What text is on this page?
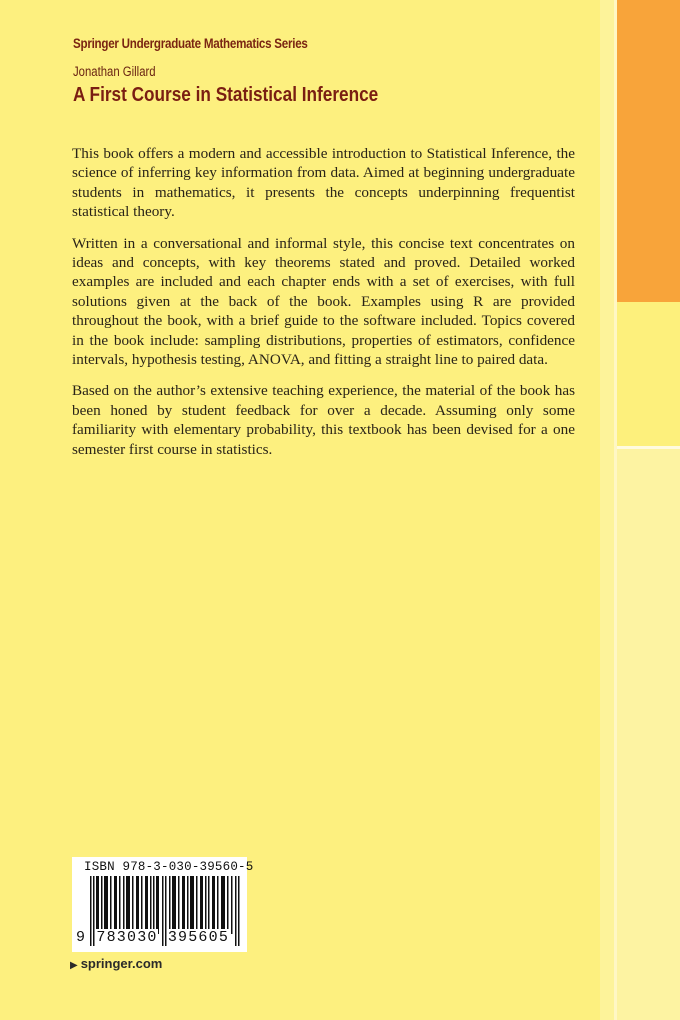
Springer Undergraduate Mathematics Series
Jonathan Gillard
A First Course in Statistical Inference

This book offers a modern and accessible introduction to Statistical Inference, the science of inferring key information from data. Aimed at beginning undergraduate students in mathematics, it presents the concepts underpinning frequentist statistical theory.

Written in a conversational and informal style, this concise text concentrates on ideas and concepts, with key theorems stated and proved. Detailed worked examples are included and each chapter ends with a set of exercises, with full solutions given at the back of the book. Examples using R are provided throughout the book, with a brief guide to the software included. Topics covered in the book include: sampling distributions, properties of estimators, confidence intervals, hypothesis testing, ANOVA, and fitting a straight line to paired data.

Based on the author’s extensive teaching experience, the material of the book has been honed by student feedback for over a decade. Assuming only some familiarity with elementary probability, this textbook has been devised for a one semester first course in statistics.

ISBN 978-3-030-39560-5
9 783030 395605
▶ springer.com
